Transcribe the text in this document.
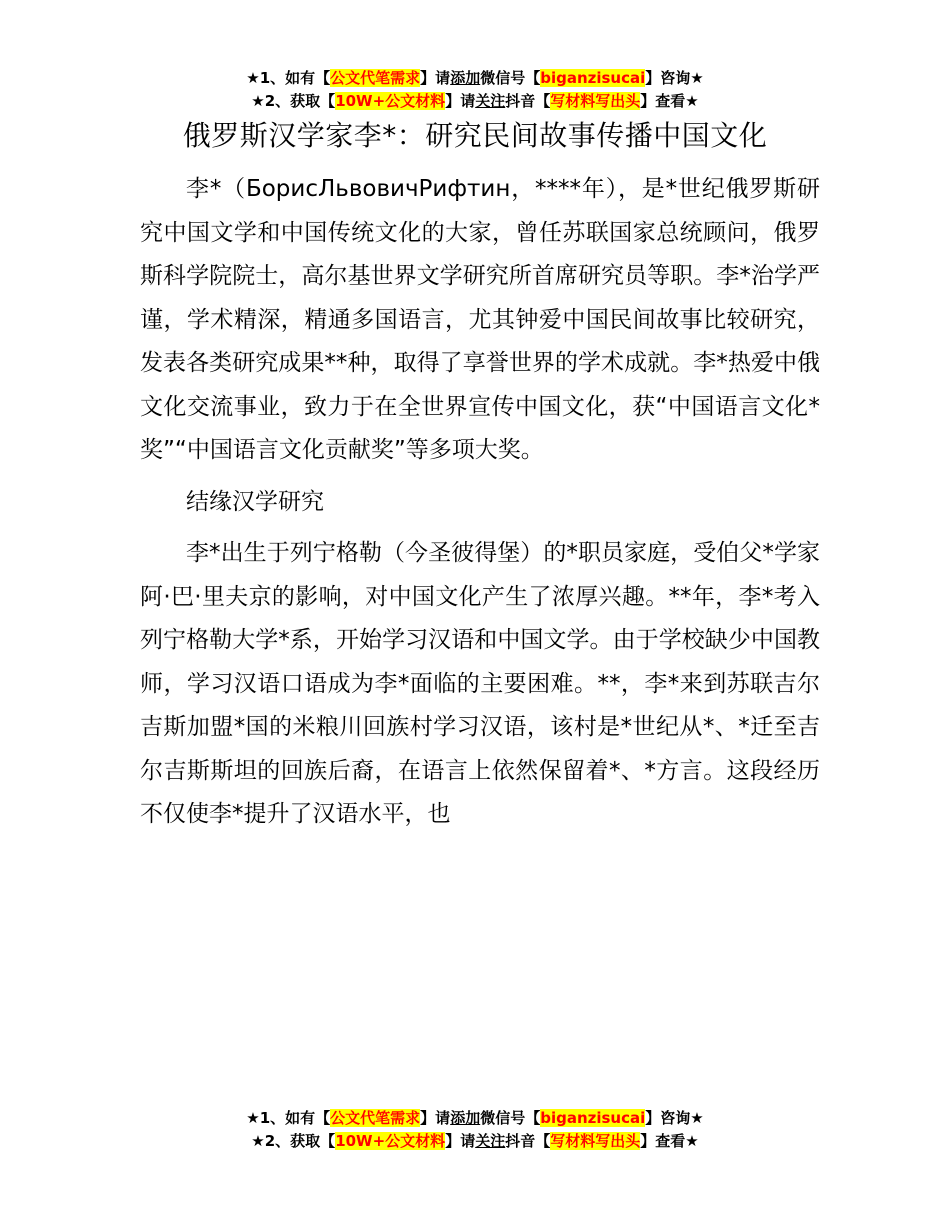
★1、如有【公文代笔需求】请添加微信号【biganzisucai】咨询★
★2、获取【10W+公文材料】请关注抖音【写材料写出头】查看★
俄罗斯汉学家李*：研究民间故事传播中国文化

李*（БорисЛьвовичРифтин，****年），是*世纪俄罗斯研究中国文学和中国传统文化的大家，曾任苏联国家总统顾问，俄罗斯科学院院士，高尔基世界文学研究所首席研究员等职。李*治学严谨，学术精深，精通多国语言，尤其钟爱中国民间故事比较研究，发表各类研究成果**种，取得了享誉世界的学术成就。李*热爱中俄文化交流事业，致力于在全世界宣传中国文化，获“中国语言文化*奖”“中国语言文化贡献奖”等多项大奖。

结缘汉学研究

李*出生于列宁格勒（今圣彼得堡）的*职员家庭，受伯父*学家阿·巴·里夫京的影响，对中国文化产生了浓厚兴趣。**年，李*考入列宁格勒大学*系，开始学习汉语和中国文学。由于学校缺少中国教师，学习汉语口语成为李*面临的主要困难。**，李*来到苏联吉尔吉斯加盟*国的米粮川回族村学习汉语，该村是*世纪从*、*迁至吉尔吉斯斯坦的回族后裔，在语言上依然保留着*、*方言。这段经历不仅使李*提升了汉语水平，也

★1、如有【公文代笔需求】请添加微信号【biganzisucai】咨询★
★2、获取【10W+公文材料】请关注抖音【写材料写出头】查看★
